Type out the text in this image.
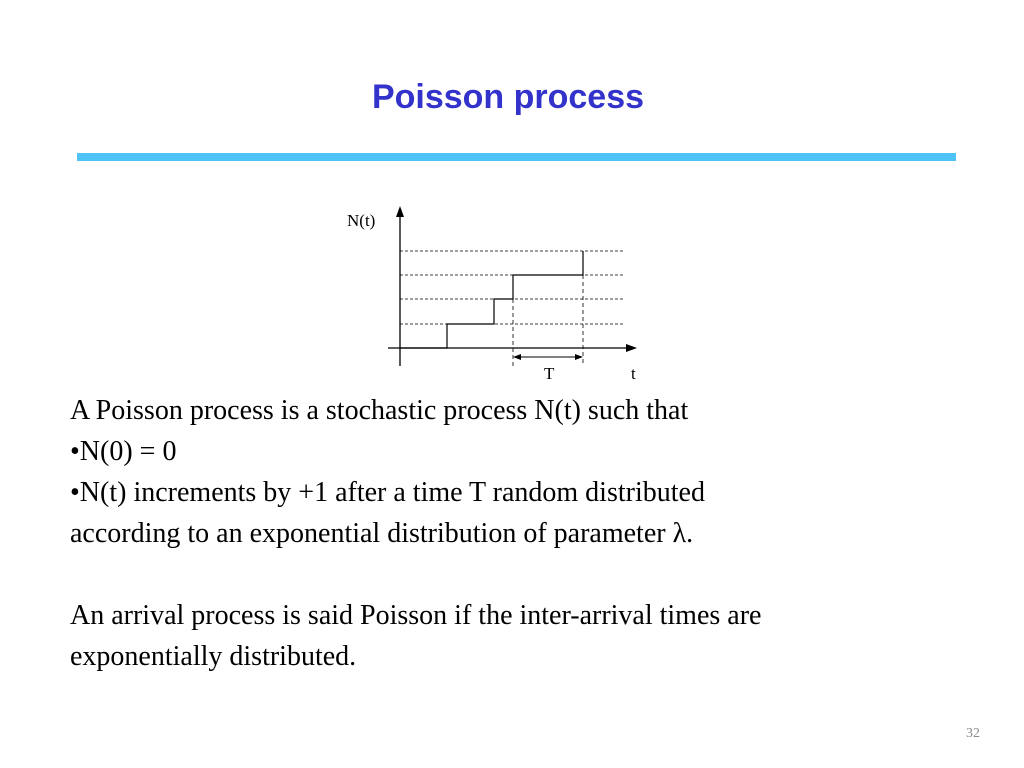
Poisson process
N(t)
T	t

A Poisson process is a stochastic process N(t) such that

•N(0) = 0

•N(t) increments by +1 after a time T random distributed

according to an exponential distribution of parameter λ.

An arrival process is said Poisson if the inter-arrival times are

exponentially distributed.

32
